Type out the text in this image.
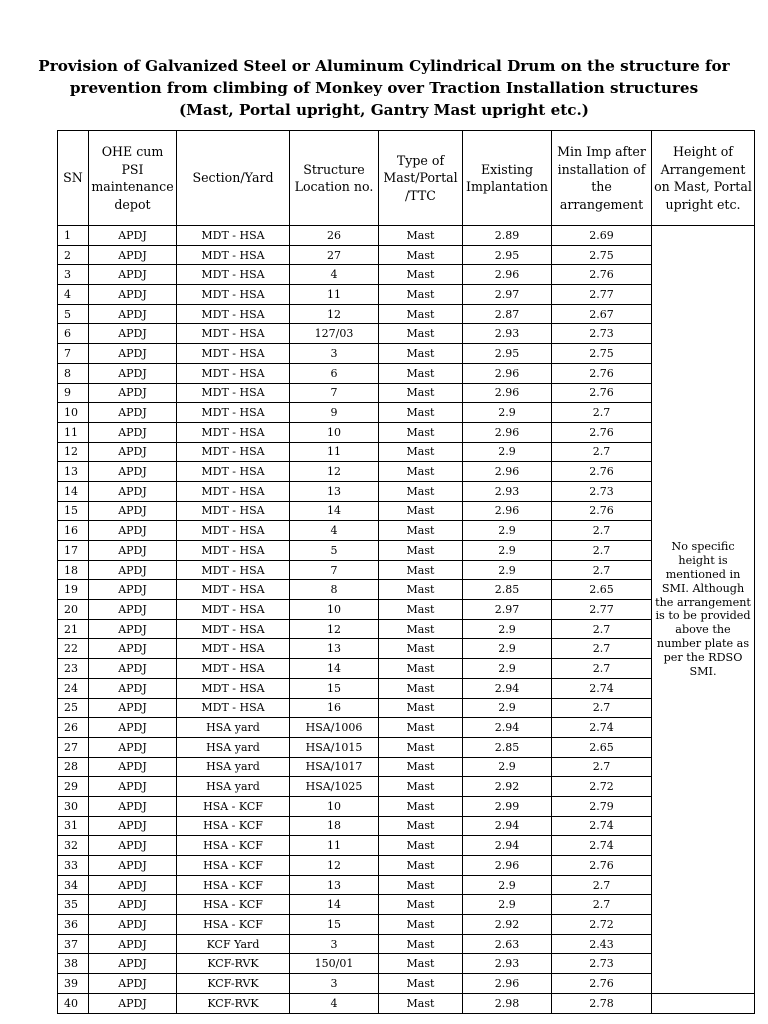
Provision of Galvanized Steel or Aluminum Cylindrical Drum on the structure for
prevention from climbing of Monkey over Traction Installation structures
(Mast, Portal upright, Gantry Mast upright etc.)
SN	OHE cum PSI maintenance depot	Section/Yard	Structure Location no.	Type of Mast/Portal /TTC	Existing Implantation	Min Imp after installation of the arrangement	Height of Arrangement on Mast, Portal upright etc.
1	APDJ	MDT - HSA	26	Mast	2.89	2.69	No specific height is mentioned in SMI. Although the arrangement is to be provided above the number plate as per the RDSO SMI.
2	APDJ	MDT - HSA	27	Mast	2.95	2.75	
3	APDJ	MDT - HSA	4	Mast	2.96	2.76	
4	APDJ	MDT - HSA	11	Mast	2.97	2.77	
5	APDJ	MDT - HSA	12	Mast	2.87	2.67	
6	APDJ	MDT - HSA	127/03	Mast	2.93	2.73	
7	APDJ	MDT - HSA	3	Mast	2.95	2.75	
8	APDJ	MDT - HSA	6	Mast	2.96	2.76	
9	APDJ	MDT - HSA	7	Mast	2.96	2.76	
10	APDJ	MDT - HSA	9	Mast	2.9	2.7	
11	APDJ	MDT - HSA	10	Mast	2.96	2.76	
12	APDJ	MDT - HSA	11	Mast	2.9	2.7	
13	APDJ	MDT - HSA	12	Mast	2.96	2.76	
14	APDJ	MDT - HSA	13	Mast	2.93	2.73	
15	APDJ	MDT - HSA	14	Mast	2.96	2.76	
16	APDJ	MDT - HSA	4	Mast	2.9	2.7	
17	APDJ	MDT - HSA	5	Mast	2.9	2.7	
18	APDJ	MDT - HSA	7	Mast	2.9	2.7	
19	APDJ	MDT - HSA	8	Mast	2.85	2.65	
20	APDJ	MDT - HSA	10	Mast	2.97	2.77	
21	APDJ	MDT - HSA	12	Mast	2.9	2.7	
22	APDJ	MDT - HSA	13	Mast	2.9	2.7	
23	APDJ	MDT - HSA	14	Mast	2.9	2.7	
24	APDJ	MDT - HSA	15	Mast	2.94	2.74	
25	APDJ	MDT - HSA	16	Mast	2.9	2.7	
26	APDJ	HSA yard	HSA/1006	Mast	2.94	2.74	
27	APDJ	HSA yard	HSA/1015	Mast	2.85	2.65	
28	APDJ	HSA yard	HSA/1017	Mast	2.9	2.7	
29	APDJ	HSA yard	HSA/1025	Mast	2.92	2.72	
30	APDJ	HSA - KCF	10	Mast	2.99	2.79	
31	APDJ	HSA - KCF	18	Mast	2.94	2.74	
32	APDJ	HSA - KCF	11	Mast	2.94	2.74	
33	APDJ	HSA - KCF	12	Mast	2.96	2.76	
34	APDJ	HSA - KCF	13	Mast	2.9	2.7	
35	APDJ	HSA - KCF	14	Mast	2.9	2.7	
36	APDJ	HSA - KCF	15	Mast	2.92	2.72	
37	APDJ	KCF Yard	3	Mast	2.63	2.43	
38	APDJ	KCF-RVK	150/01	Mast	2.93	2.73	
39	APDJ	KCF-RVK	3	Mast	2.96	2.76	
40	APDJ	KCF-RVK	4	Mast	2.98	2.78	
